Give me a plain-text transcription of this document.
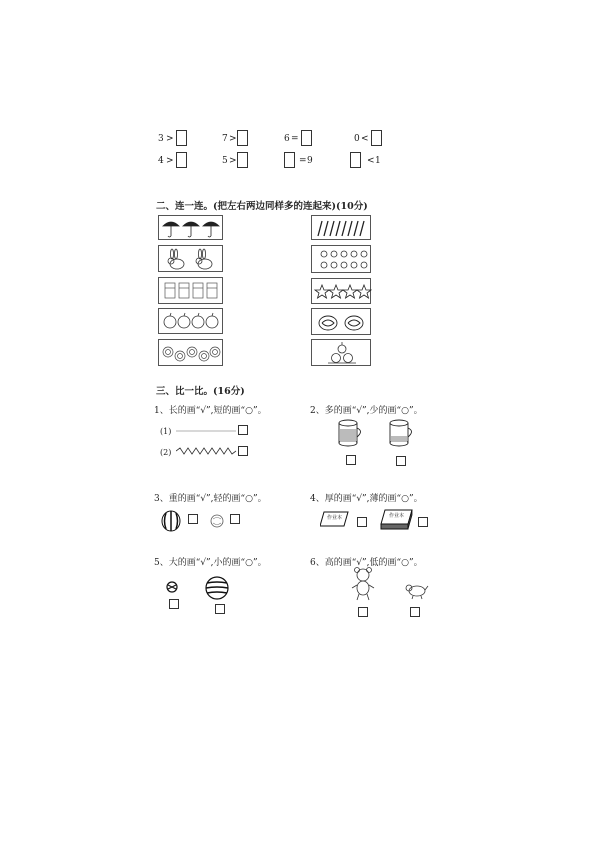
3 >	7 >	6 =	0 <
4 >	5 >	= 9	< 1
二、连一连。(把左右两边同样多的连起来)(10分)
三、比一比。(16分)
1、长的画“√”,短的画“○”。
(1)
(2)
2、多的画“√”,少的画“○”。
3、重的画“√”,轻的画“○”。	4、厚的画“√”,薄的画“○”。
作业本	作业本
5、大的画“√”,小的画“○”。	6、高的画“√”,低的画“○”。
